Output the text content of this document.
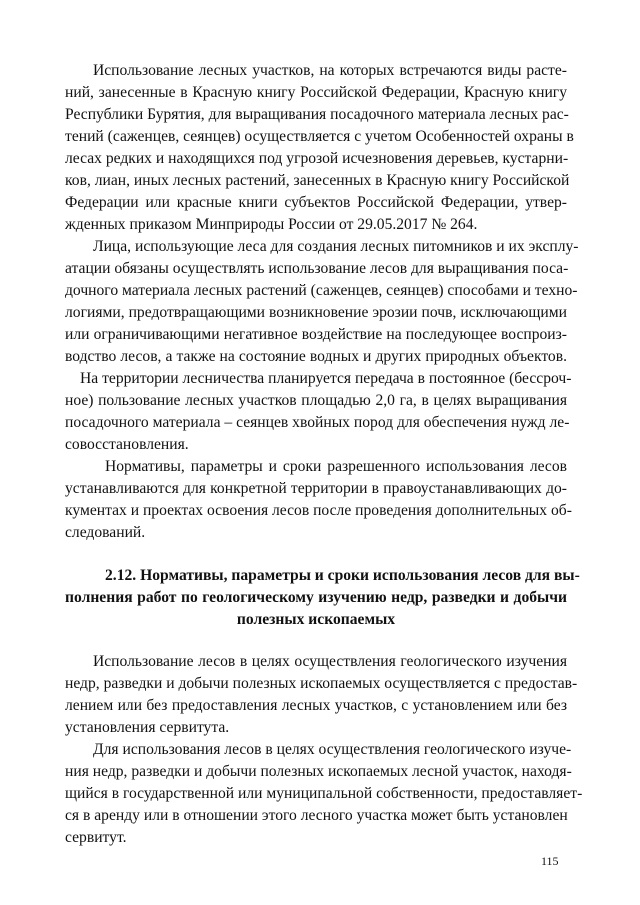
Использование лесных участков, на которых встречаются виды расте-
ний, занесенные в Красную книгу Российской Федерации, Красную книгу
Республики Бурятия, для выращивания посадочного материала лесных рас-
тений (саженцев, сеянцев) осуществляется с учетом Особенностей охраны в
лесах редких и находящихся под угрозой исчезновения деревьев, кустарни-
ков, лиан, иных лесных растений, занесенных в Красную книгу Российской
Федерации или красные книги субъектов Российской Федерации, утвер-
жденных приказом Минприроды России от 29.05.2017 № 264.
Лица, использующие леса для создания лесных питомников и их эксплу-
атации обязаны осуществлять использование лесов для выращивания поса-
дочного материала лесных растений (саженцев, сеянцев) способами и техно-
логиями, предотвращающими возникновение эрозии почв, исключающими
или ограничивающими негативное воздействие на последующее воспроиз-
водство лесов, а также на состояние водных и других природных объектов.
На территории лесничества планируется передача в постоянное (бессроч-
ное) пользование лесных участков площадью 2,0 га, в целях выращивания
посадочного материала – сеянцев хвойных пород для обеспечения нужд ле-
совосстановления.
Нормативы, параметры и сроки разрешенного использования лесов
устанавливаются для конкретной территории в правоустанавливающих до-
кументах и проектах освоения лесов после проведения дополнительных об-
следований.
2.12. Нормативы, параметры и сроки использования лесов для вы-
полнения работ по геологическому изучению недр, разведки и добычи
полезных ископаемых
Использование лесов в целях осуществления геологического изучения
недр, разведки и добычи полезных ископаемых осуществляется с предостав-
лением или без предоставления лесных участков, с установлением или без
установления сервитута.
Для использования лесов в целях осуществления геологического изуче-
ния недр, разведки и добычи полезных ископаемых лесной участок, находя-
щийся в государственной или муниципальной собственности, предоставляет-
ся в аренду или в отношении этого лесного участка может быть установлен
сервитут.
115
